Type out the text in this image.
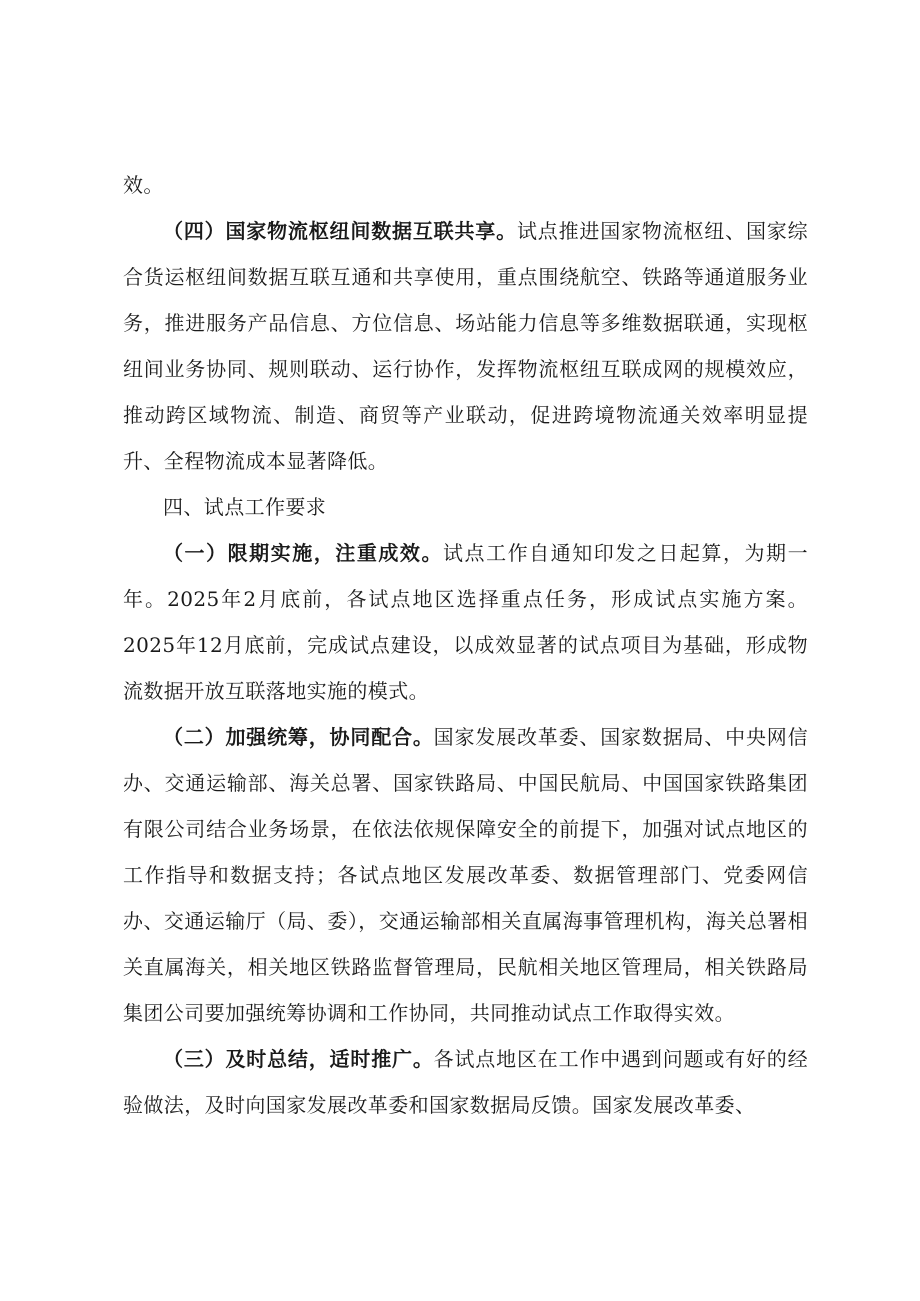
效。

（四）国家物流枢纽间数据互联共享。试点推进国家物流枢纽、国家综合货运枢纽间数据互联互通和共享使用，重点围绕航空、铁路等通道服务业务，推进服务产品信息、方位信息、场站能力信息等多维数据联通，实现枢纽间业务协同、规则联动、运行协作，发挥物流枢纽互联成网的规模效应，推动跨区域物流、制造、商贸等产业联动，促进跨境物流通关效率明显提升、全程物流成本显著降低。

四、试点工作要求

（一）限期实施，注重成效。试点工作自通知印发之日起算，为期一年。2025年2月底前，各试点地区选择重点任务，形成试点实施方案。2025年12月底前，完成试点建设，以成效显著的试点项目为基础，形成物流数据开放互联落地实施的模式。

（二）加强统筹，协同配合。国家发展改革委、国家数据局、中央网信办、交通运输部、海关总署、国家铁路局、中国民航局、中国国家铁路集团有限公司结合业务场景，在依法依规保障安全的前提下，加强对试点地区的工作指导和数据支持；各试点地区发展改革委、数据管理部门、党委网信办、交通运输厅（局、委），交通运输部相关直属海事管理机构，海关总署相关直属海关，相关地区铁路监督管理局，民航相关地区管理局，相关铁路局集团公司要加强统筹协调和工作协同，共同推动试点工作取得实效。

（三）及时总结，适时推广。各试点地区在工作中遇到问题或有好的经验做法，及时向国家发展改革委和国家数据局反馈。国家发展改革委、
